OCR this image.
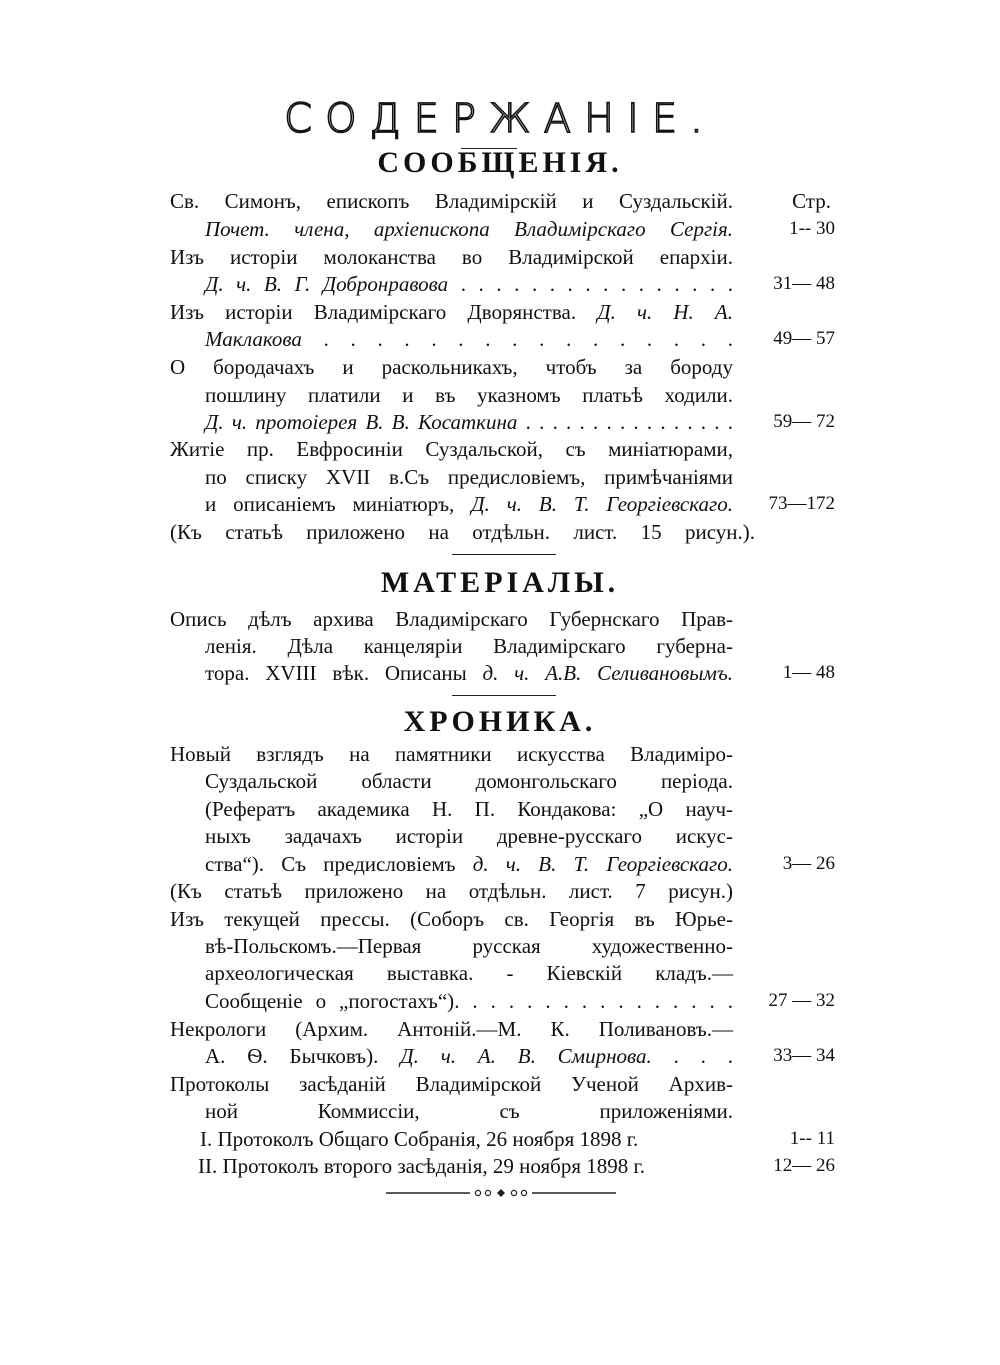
СОДЕРЖАНІЕ.
СООБЩЕНІЯ.
Св. Симонъ, епископъ Владимірскій и Суздальскій.	Стр.
Почет. члена, архіепископа Владимірскаго Сергія.	1-- 30
Изъ исторіи молоканства во Владимірской епархіи.
Д. ч. В. Г. Добронравова . . . . . . . . . . . . . . . .	31— 48
Изъ исторіи Владимірскаго Дворянства. Д. ч. Н. А.
Маклакова . . . . . . . . . . . . . . . .	49— 57
О бородачахъ и раскольникахъ, чтобъ за бороду
пошлину платили и въ указномъ платьѣ ходили.
Д. ч. протоіерея В. В. Косаткина . . . . . . . . . . . . . . . .	59— 72
Житіе пр. Евфросиніи Суздальской, съ миніатюрами,
по списку XVII в.Съ предисловіемъ, примѣчаніями
и описаніемъ миніатюръ, Д. ч. В. Т. Георгіевскаго.	73—172
(Къ статьѣ приложено на отдѣльн. лист. 15 рисун.).
МАТЕРІАЛЫ.
Опись дѣлъ архива Владимірскаго Губернскаго Прав-
ленія. Дѣла канцеляріи Владимірскаго губерна-
тора. XVIII вѣк. Описаны д. ч. А.В. Селивановымъ.	1— 48
ХРОНИКА.
Новый взглядъ на памятники искусства Владиміро-
Суздальской области домонгольскаго періода.
(Рефератъ академика Н. П. Кондакова: „О науч-
ныхъ задачахъ исторіи древне-русскаго искус-
ства“). Съ предисловіемъ д. ч. В. Т. Георгіевскаго.	3— 26
(Къ статьѣ приложено на отдѣльн. лист. 7 рисун.)
Изъ текущей прессы. (Соборъ св. Георгія въ Юрье-
вѣ-Польскомъ.—Первая русская художественно-
археологическая выставка. - Кіевскій кладъ.—
Сообщеніе о „погостахъ“). . . . . . . . . . . . . . . .	27 — 32
Некрологи (Архим. Антоній.—М. К. Поливановъ.—
А. Ѳ. Бычковъ). Д. ч. А. В. Смирнова. . . .	33— 34
Протоколы засѣданій Владимірской Ученой Архив-
ной Коммиссіи, съ приложеніями.
I. Протоколъ Общаго Собранія, 26 ноября 1898 г.	1-- 11
II. Протоколъ второго засѣданія, 29 ноября 1898 г.	12— 26
